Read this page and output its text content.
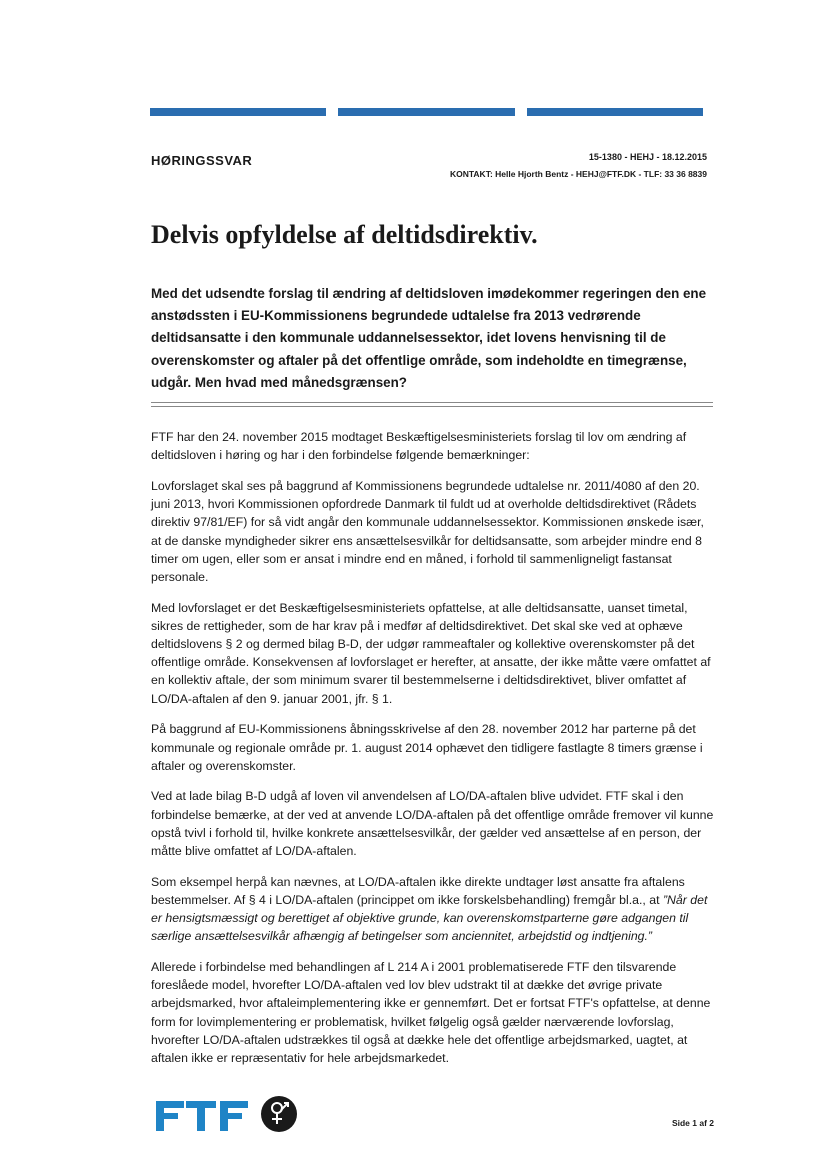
HØRINGSSVAR	15-1380 - HEHJ - 18.12.2015
KONTAKT: Helle Hjorth Bentz - HEHJ@FTF.DK - TLF: 33 36 8839
Delvis opfyldelse af deltidsdirektiv.
Med det udsendte forslag til ændring af deltidsloven imødekommer regeringen den ene anstødssten i EU-Kommissionens begrundede udtalelse fra 2013 vedrørende deltidsansatte i den kommunale uddannelsessektor, idet lovens henvisning til de overenskomster og aftaler på det offentlige område, som indeholdte en timegrænse, udgår. Men hvad med månedsgrænsen?

FTF har den 24. november 2015 modtaget Beskæftigelsesministeriets forslag til lov om ændring af deltidsloven i høring og har i den forbindelse følgende bemærkninger:

Lovforslaget skal ses på baggrund af Kommissionens begrundede udtalelse nr. 2011/4080 af den 20. juni 2013, hvori Kommissionen opfordrede Danmark til fuldt ud at overholde deltidsdirektivet (Rådets direktiv 97/81/EF) for så vidt angår den kommunale uddannelsessektor. Kommissionen ønskede især, at de danske myndigheder sikrer ens ansættelsesvilkår for deltidsansatte, som arbejder mindre end 8 timer om ugen, eller som er ansat i mindre end en måned, i forhold til sammenligneligt fastansat personale.

Med lovforslaget er det Beskæftigelsesministeriets opfattelse, at alle deltidsansatte, uanset timetal, sikres de rettigheder, som de har krav på i medfør af deltidsdirektivet. Det skal ske ved at ophæve deltidslovens § 2 og dermed bilag B-D, der udgør rammeaftaler og kollektive overenskomster på det offentlige område. Konsekvensen af lovforslaget er herefter, at ansatte, der ikke måtte være omfattet af en kollektiv aftale, der som minimum svarer til bestemmelserne i deltidsdirektivet, bliver omfattet af LO/DA-aftalen af den 9. januar 2001, jfr. § 1.

På baggrund af EU-Kommissionens åbningsskrivelse af den 28. november 2012 har parterne på det kommunale og regionale område pr. 1. august 2014 ophævet den tidligere fastlagte 8 timers grænse i aftaler og overenskomster.

Ved at lade bilag B-D udgå af loven vil anvendelsen af LO/DA-aftalen blive udvidet. FTF skal i den forbindelse bemærke, at der ved at anvende LO/DA-aftalen på det offentlige område fremover vil kunne opstå tvivl i forhold til, hvilke konkrete ansættelsesvilkår, der gælder ved ansættelse af en person, der måtte blive omfattet af LO/DA-aftalen.

Som eksempel herpå kan nævnes, at LO/DA-aftalen ikke direkte undtager løst ansatte fra aftalens bestemmelser. Af § 4 i LO/DA-aftalen (princippet om ikke forskelsbehandling) fremgår bl.a., at ”Når det er hensigtsmæssigt og berettiget af objektive grunde, kan overenskomstparterne gøre adgangen til særlige ansættelsesvilkår afhængig af betingelser som anciennitet, arbejdstid og indtjening.”

Allerede i forbindelse med behandlingen af L 214 A i 2001 problematiserede FTF den tilsvarende foreslåede model, hvorefter LO/DA-aftalen ved lov blev udstrakt til at dække det øvrige private arbejdsmarked, hvor aftaleimplementering ikke er gennemført. Det er fortsat FTF's opfattelse, at denne form for lovimplementering er problematisk, hvilket følgelig også gælder nærværende lovforslag, hvorefter LO/DA-aftalen udstrækkes til også at dække hele det offentlige arbejdsmarked, uagtet, at aftalen ikke er repræsentativ for hele arbejdsmarkedet.

Side 1 af 2
